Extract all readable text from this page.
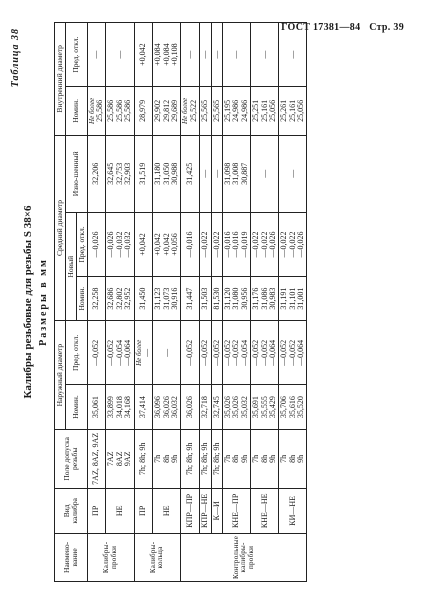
ГОСТ 17381—84 Стр. 39
Таблица 38
Калибры резьбовые для резьбы S 38×6 Размеры в мм
Наимено-вание	Вид калибра	Поле допуска резьбы	Наружный диаметр		Средний диаметр			Внутренний диаметр	
			Номин.	Пред. откл.	Новый		Изно-шенный	Номин.	Пред. откл.
					Номин.	Пред. откл.			
Калибры-пробки	ПР	7AZ, 8AZ, 9AZ	35,061	—0,052	32,258	—0,026	32,206	Не более 25,586	—
	НЕ	7AZ
8AZ
9AZ	33,899
34,018
34,168	—0,052
—0,054
—0,064	32,686
32,802
32,952	—0,026
—0,032
—0,032	32,645
32,753
32,903	25,586
25,586
25,586	—
Калибры-кольца	ПР	7h; 8h; 9h	37,414	Не более —	31,450	+0,042	31,519	28,979	+0,042
	НЕ	7h
8h
9h	36,096
36,026
36,032	—	31,123
31,073
30,916	+0,042
+0,042
+0,056	31,180
31,050
30,988	29,902
29,812
29,689	+0,084
+0,084
+0,108
Контрольные калибры-пробки	КПР—ПР	7h; 8h; 9h	36,026	—0,052	31,447	—0,016	31,425	Не более 25,522	—
	КПР—НЕ	7h; 8h; 9h	32,718	—0,052	31,503	—0,022	—	25,565	—
	К—И	7h; 8h; 9h	32,745	—0,052	81,530	—0,022	—	25,565	—
	КНЕ—ПР	7h
8h
9h	35,026
35,026
35,032	—0,052
—0,052
—0,054	31,120
31,080
30,956	—0,016
—0,016
—0,019	31,098
31,008
30,887	25,195
24,986
24,986	—
	КНЕ—НЕ	7h
8h
9h	35,691
35,555
35,429	—0,052
—0,052
—0,064	31,176
31,086
30,983	—0,022
—0,022
—0,026	—	25,251
25,161
25,056	—
	КИ—НЕ	7h
8h
9h	35,706
35,616
35,520	—0,052
—0,052
—0,064	31,191
31,101
31,001	—0,022
—0,022
—0,026	—	25,261
25,161
25,056	—
